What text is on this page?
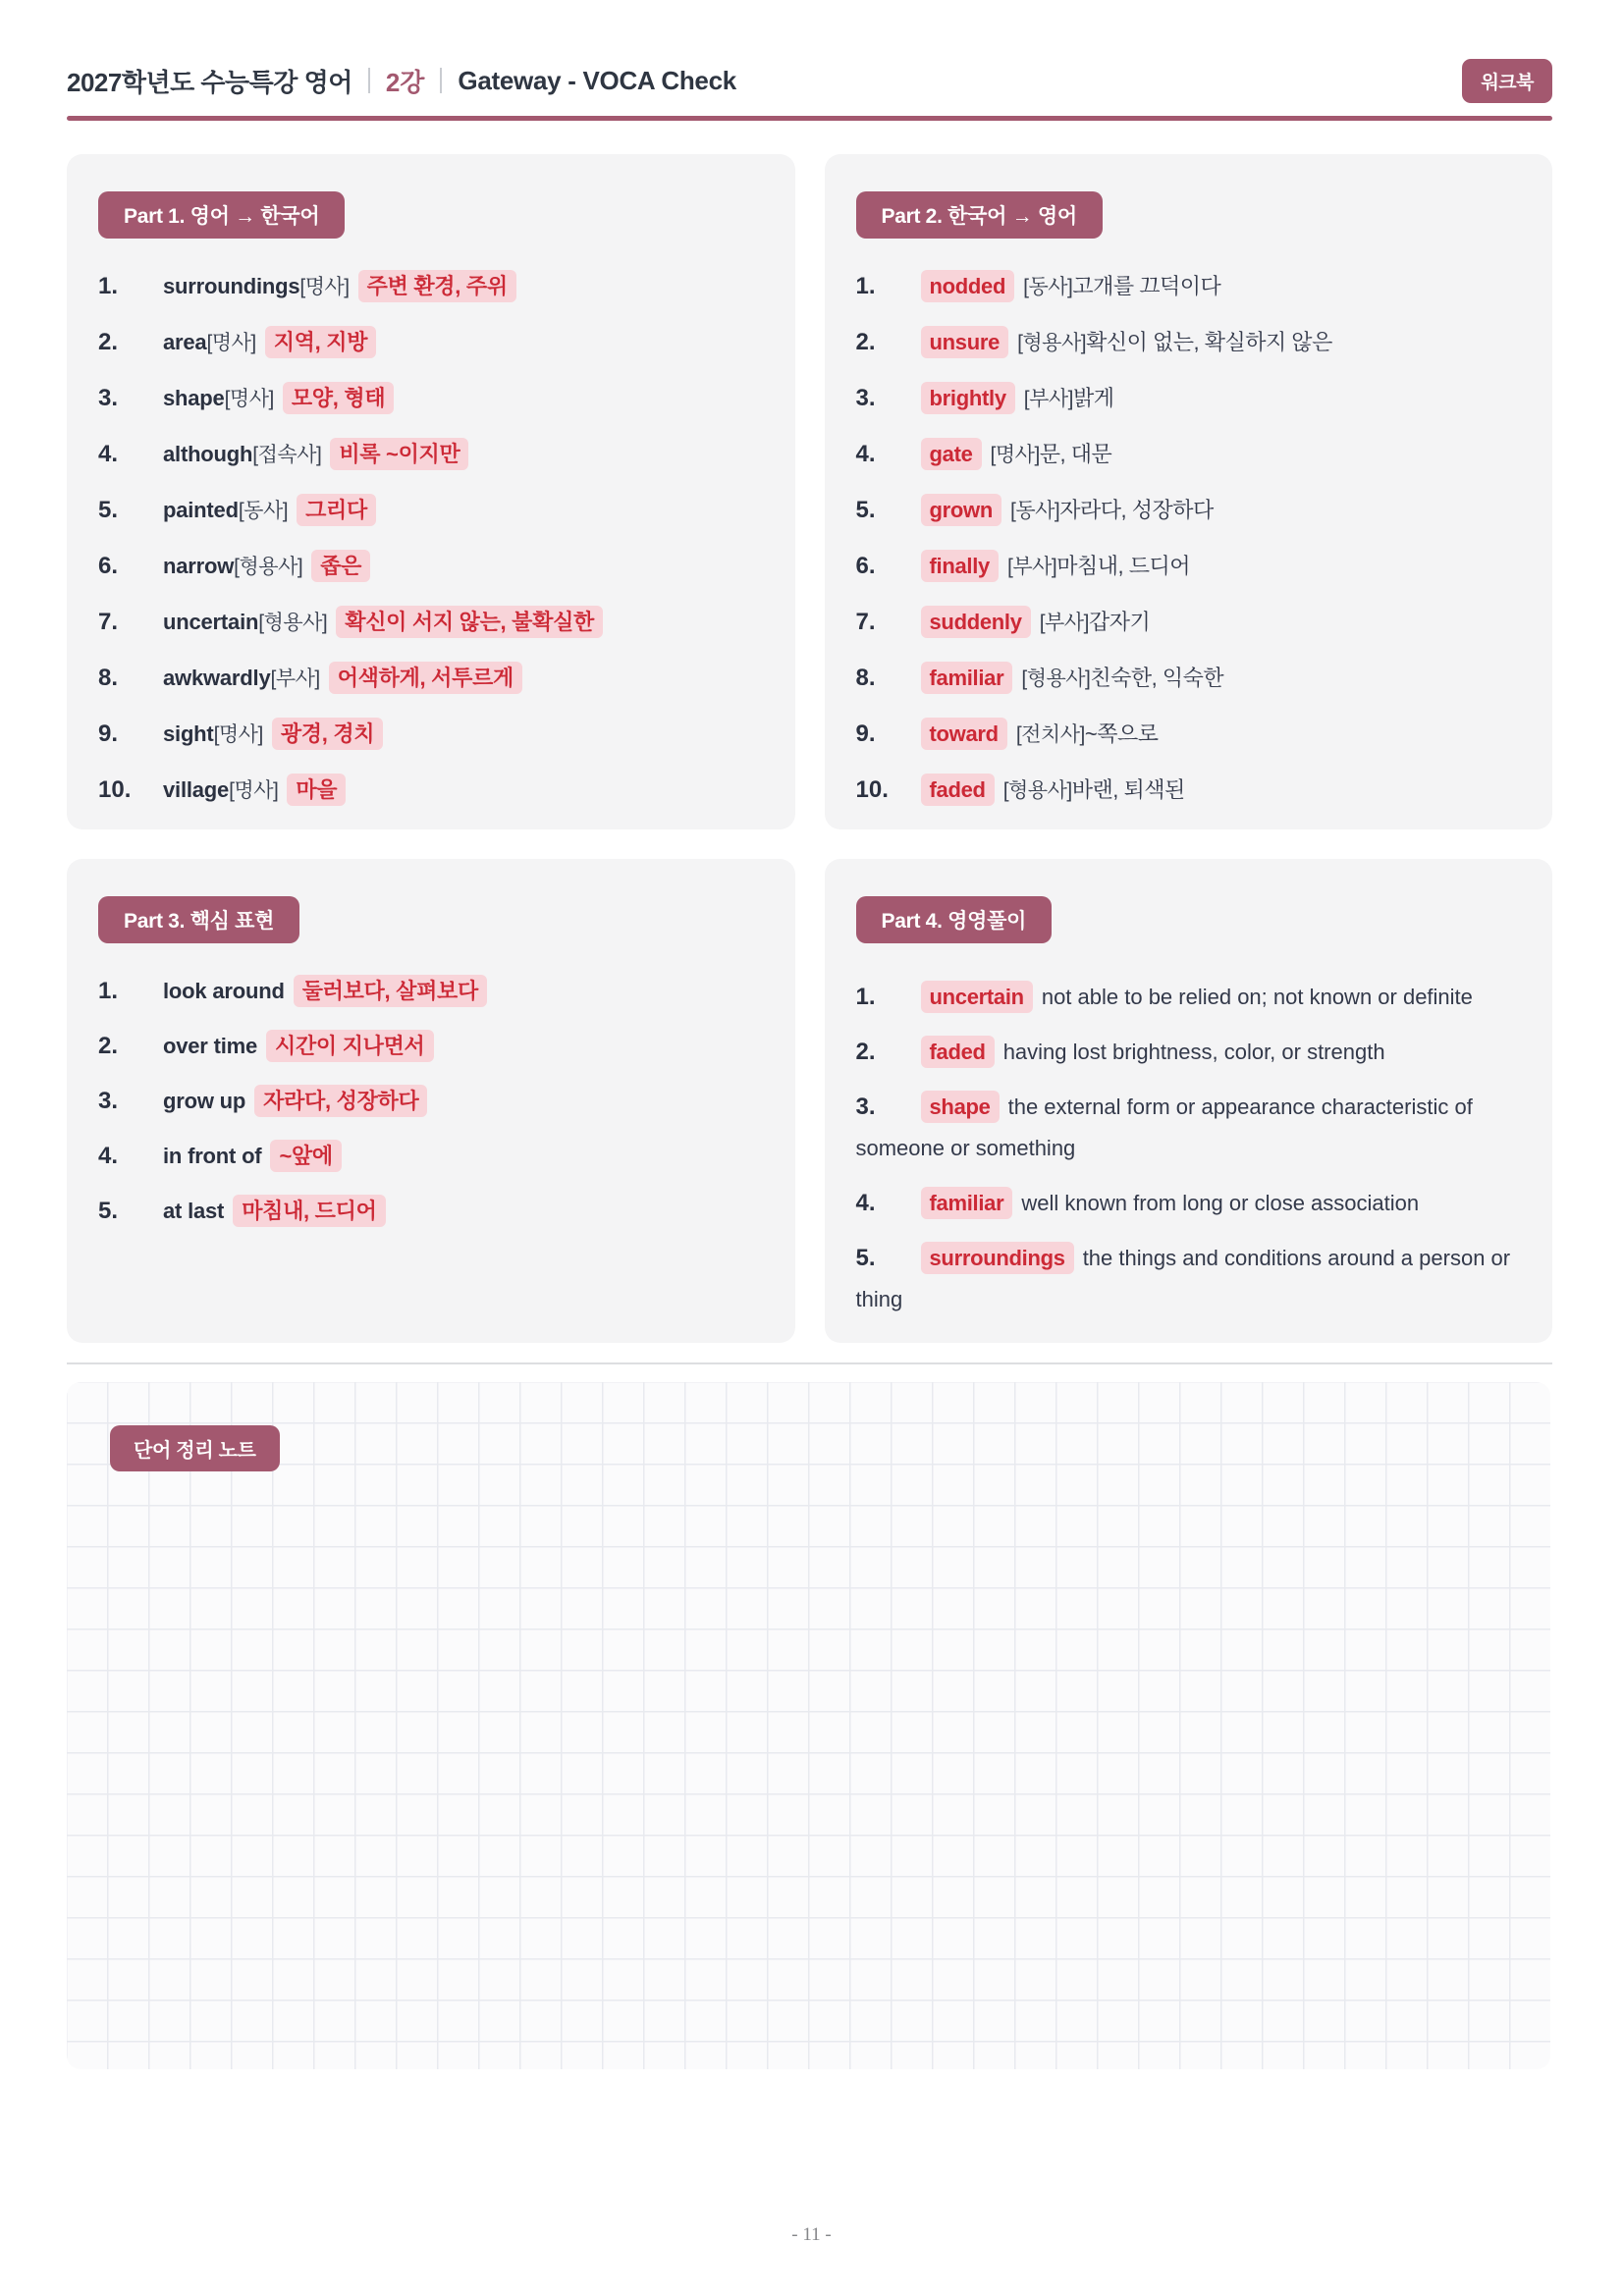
2027학년도 수능특강 영어 2강 Gateway - VOCA Check	워크북
Part 1. 영어 → 한국어
1. surroundings[명사] 주변 환경, 주위
2. area[명사] 지역, 지방
3. shape[명사] 모양, 형태
4. although[접속사] 비록 ~이지만
5. painted[동사] 그리다
6. narrow[형용사] 좁은
7. uncertain[형용사] 확신이 서지 않는, 불확실한
8. awkwardly[부사] 어색하게, 서투르게
9. sight[명사] 광경, 경치
10. village[명사] 마을
Part 2. 한국어 → 영어
1. nodded [동사]고개를 끄덕이다
2. unsure [형용사]확신이 없는, 확실하지 않은
3. brightly [부사]밝게
4. gate [명사]문, 대문
5. grown [동사]자라다, 성장하다
6. finally [부사]마침내, 드디어
7. suddenly [부사]갑자기
8. familiar [형용사]친숙한, 익숙한
9. toward [전치사]~쪽으로
10. faded [형용사]바랜, 퇴색된
Part 3. 핵심 표현
1. look around 둘러보다, 살펴보다
2. over time 시간이 지나면서
3. grow up 자라다, 성장하다
4. in front of ~앞에
5. at last 마침내, 드디어
Part 4. 영영풀이
1. uncertain not able to be relied on; not known or definite
2. faded having lost brightness, color, or strength
3. shape the external form or appearance characteristic of someone or something
4. familiar well known from long or close association
5. surroundings the things and conditions around a person or thing
단어 정리 노트
- 11 -
